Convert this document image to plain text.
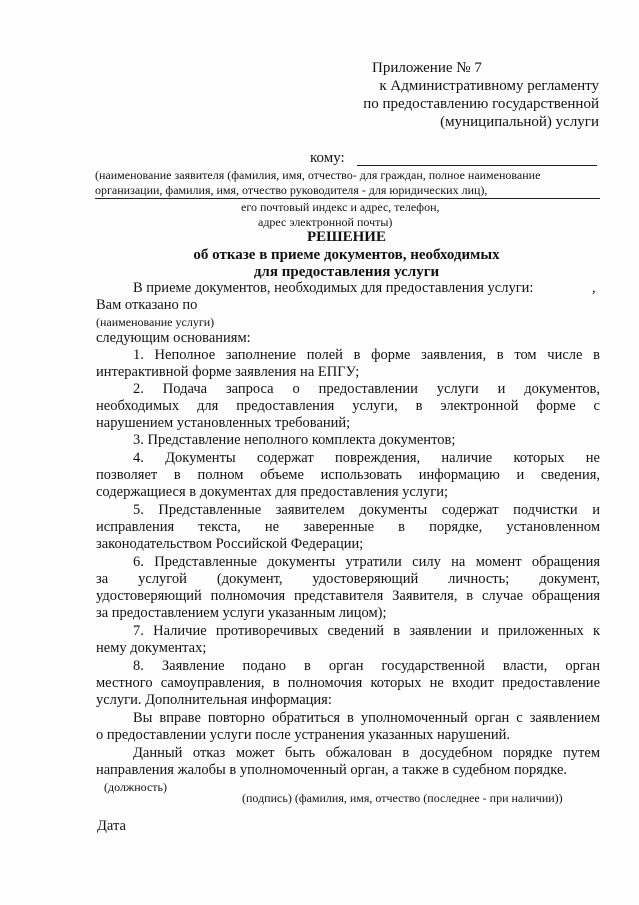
Приложение № 7
к Административному регламенту
по предоставлению государственной
(муниципальной) услуги
кому:
(наименование заявителя (фамилия, имя, отчество- для граждан, полное наименование
организации, фамилия, имя, отчество руководителя - для юридических лиц),
его почтовый индекс и адрес, телефон,
адрес электронной почты)
РЕШЕНИЕ
об отказе в приеме документов, необходимых
для предоставления услуги
В приеме документов, необходимых для предоставления услуги:	,
Вам отказано по
(наименование услуги)
следующим основаниям:
1. Неполное заполнение полей в форме заявления, в том числе в
интерактивной форме заявления на ЕПГУ;
2. Подача запроса о предоставлении услуги и документов,
необходимых для предоставления услуги, в электронной форме с
нарушением установленных требований;
3. Представление неполного комплекта документов;
4. Документы содержат повреждения, наличие которых не
позволяет в полном объеме использовать информацию и сведения,
содержащиеся в документах для предоставления услуги;
5. Представленные заявителем документы содержат подчистки и
исправления текста, не заверенные в порядке, установленном
законодательством Российской Федерации;
6. Представленные документы утратили силу на момент обращения
за услугой (документ, удостоверяющий личность; документ,
удостоверяющий полномочия представителя Заявителя, в случае обращения
за предоставлением услуги указанным лицом);
7. Наличие противоречивых сведений в заявлении и приложенных к
нему документах;
8. Заявление подано в орган государственной власти, орган
местного самоуправления, в полномочия которых не входит предоставление
услуги. Дополнительная информация:
Вы вправе повторно обратиться в уполномоченный орган с заявлением
о предоставлении услуги после устранения указанных нарушений.
Данный отказ может быть обжалован в досудебном порядке путем
направления жалобы в уполномоченный орган, а также в судебном порядке.
(должность)
(подпись) (фамилия, имя, отчество (последнее - при наличии))
Дата
